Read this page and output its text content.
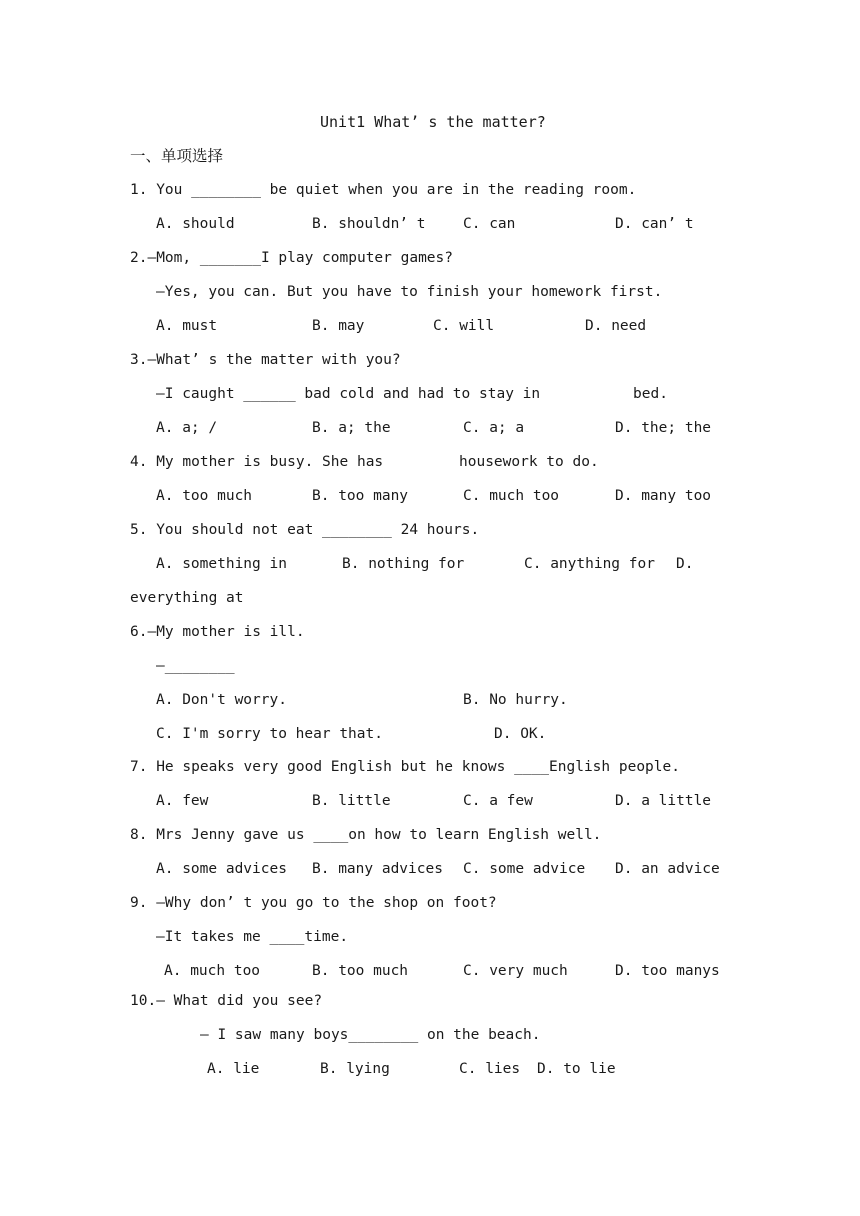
Unit1 What’ s the matter?
一、单项选择
1. You ________ be quiet when you are in the reading room.
A. should	B. shouldn’ t	C. can	D. can’ t
2.—Mom, _______I play computer games?
—Yes, you can. But you have to finish your homework first.
A. must	B. may	C. will	D. need
3.—What’ s the matter with you?
—I caught ______ bad cold and had to stay in	bed.
A. a; /	B. a; the	C. a; a	D. the; the
4. My mother is busy. She has	housework to do.
A. too much	B. too many	C. much too	D. many too
5. You should not eat ________ 24 hours.
A. something in	B. nothing for	C. anything for D.
everything at
6.—My mother is ill.
—________
A. Don't worry.	B. No hurry.
C. I'm sorry to hear that.	D. OK.
7. He speaks very good English but he knows ____English people.
A. few	B. little	C. a few	D. a little
8. Mrs Jenny gave us ____on how to learn English well.
A. some advices B. many advices C. some advice D. an advice
9. —Why don’ t you go to the shop on foot?
—It takes me ____time.
A. much too	B. too much	C. very much	D. too manys
10.— What did you see?
— I saw many boys________ on the beach.
A. lie	B. lying	C. lies D. to lie
